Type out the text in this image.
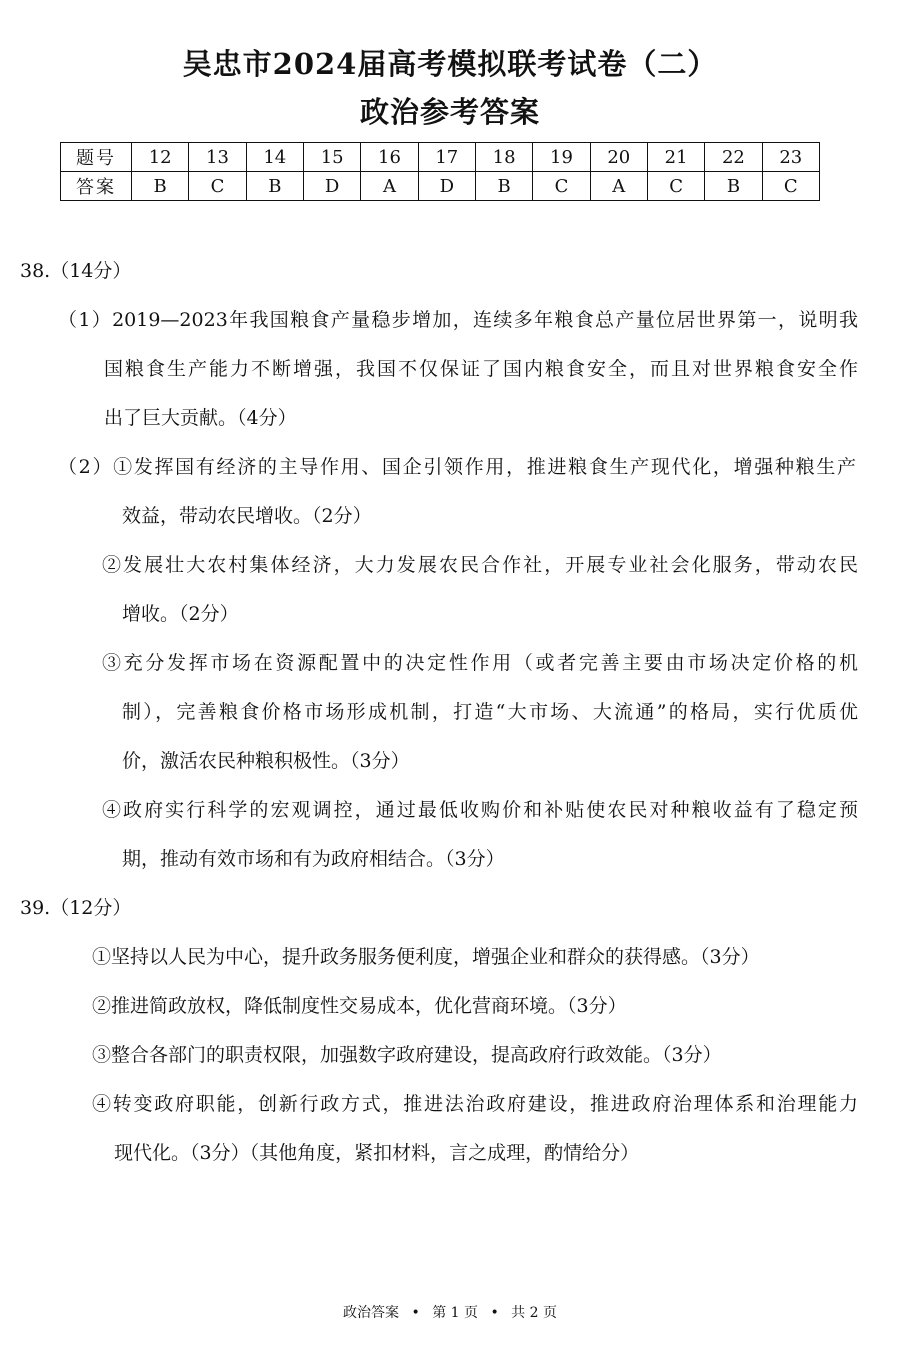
吴忠市2024届高考模拟联考试卷（二）
政治参考答案
题号	12	13	14	15	16	17	18	19	20	21	22	23
答案	B	C	B	D	A	D	B	C	A	C	B	C

38.（14分）

（1）2019—2023年我国粮食产量稳步增加，连续多年粮食总产量位居世界第一，说明我

国粮食生产能力不断增强，我国不仅保证了国内粮食安全，而且对世界粮食安全作

出了巨大贡献。（4分）

（2）①发挥国有经济的主导作用、国企引领作用，推进粮食生产现代化，增强种粮生产

效益，带动农民增收。（2分）

②发展壮大农村集体经济，大力发展农民合作社，开展专业社会化服务，带动农民

增收。（2分）

③充分发挥市场在资源配置中的决定性作用（或者完善主要由市场决定价格的机

制），完善粮食价格市场形成机制，打造“大市场、大流通”的格局，实行优质优

价，激活农民种粮积极性。（3分）

④政府实行科学的宏观调控，通过最低收购价和补贴使农民对种粮收益有了稳定预

期，推动有效市场和有为政府相结合。（3分）

39.（12分）

①坚持以人民为中心，提升政务服务便利度，增强企业和群众的获得感。（3分）

②推进简政放权，降低制度性交易成本，优化营商环境。（3分）

③整合各部门的职责权限，加强数字政府建设，提高政府行政效能。（3分）

④转变政府职能，创新行政方式，推进法治政府建设，推进政府治理体系和治理能力

现代化。（3分）（其他角度，紧扣材料，言之成理，酌情给分）

政治答案 • 第 1 页 • 共 2 页
